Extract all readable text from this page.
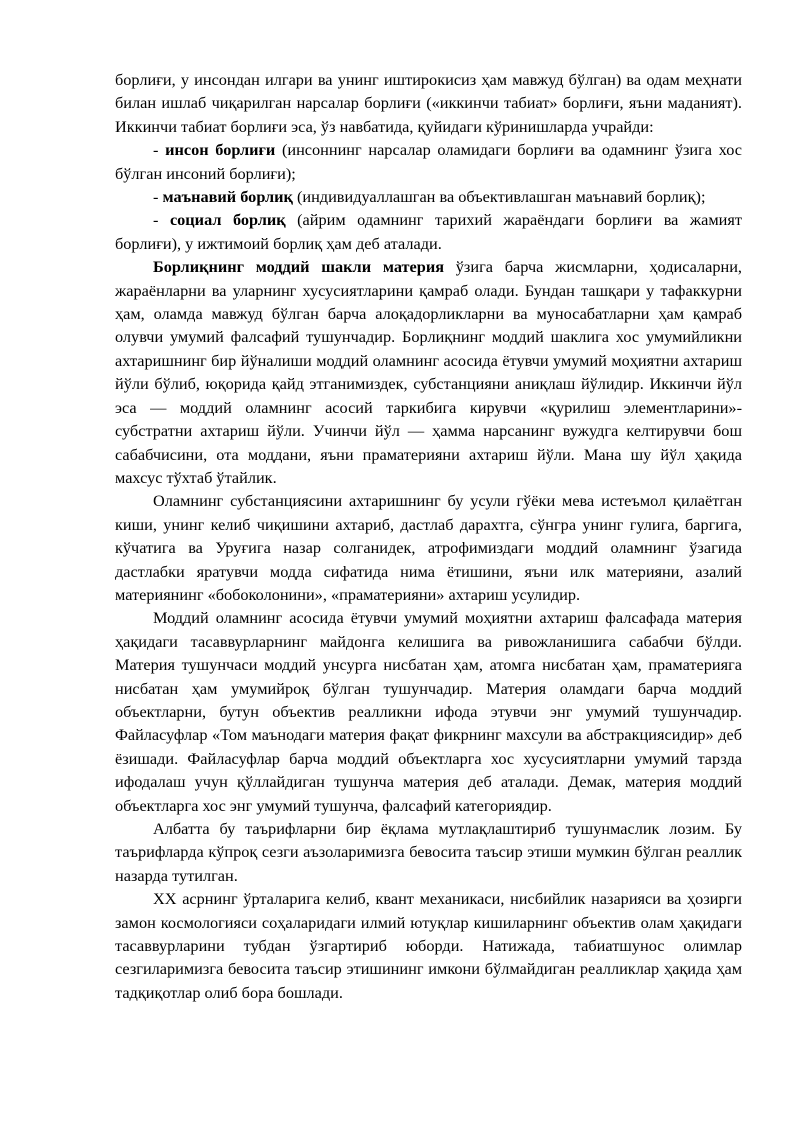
борлиғи, у инсондан илгари ва унинг иштирокисиз ҳам мавжуд бўлган) ва одам меҳнати билан ишлаб чиқарилган нарсалар борлиғи («иккинчи табиат» борлиғи, яъни маданият). Иккинчи табиат борлиғи эса, ўз навбатида, қуйидаги кўринишларда учрайди:

- инсон борлиғи (инсоннинг нарсалар оламидаги борлиғи ва одамнинг ўзига хос бўлган инсоний борлиғи);

- маънавий борлиқ (индивидуаллашган ва объективлашган маънавий борлиқ);

- социал борлиқ (айрим одамнинг тарихий жараёндаги борлиғи ва жамият борлиғи), у ижтимоий борлиқ ҳам деб аталади.

Борлиқнинг моддий шакли материя ўзига барча жисмларни, ҳодисаларни, жараёнларни ва уларнинг хусусиятларини қамраб олади. Бундан ташқари у тафаккурни ҳам, оламда мавжуд бўлган барча алоқадорликларни ва муносабатларни ҳам қамраб олувчи умумий фалсафий тушунчадир. Борлиқнинг моддий шаклига хос умумийликни ахтаришнинг бир йўналиши моддий оламнинг асосида ётувчи умумий моҳиятни ахтариш йўли бўлиб, юқорида қайд этганимиздек, субстанцияни аниқлаш йўлидир. Иккинчи йўл эса — моддий оламнинг асосий таркибига кирувчи «қурилиш элементларини»-субстратни ахтариш йўли. Учинчи йўл — ҳамма нарсанинг вужудга келтирувчи бош сабабчисини, ота моддани, яъни праматерияни ахтариш йўли. Мана шу йўл ҳақида махсус тўхтаб ўтайлик.

Оламнинг субстанциясини ахтаришнинг бу усули гўёки мева истеъмол қилаётган киши, унинг келиб чиқишини ахтариб, дастлаб дарахтга, сўнгра унинг гулига, баргига, кўчатига ва Уруғига назар солганидек, атрофимиздаги моддий оламнинг ўзагида дастлабки яратувчи модда сифатида нима ётишини, яъни илк материяни, азалий материянинг «бобоколонини», «праматерияни» ахтариш усулидир.

Моддий оламнинг асосида ётувчи умумий моҳиятни ахтариш фалсафада материя ҳақидаги тасаввурларнинг майдонга келишига ва ривожланишига сабабчи бўлди. Материя тушунчаси моддий унсурга нисбатан ҳам, атомга нисбатан ҳам, праматерияга нисбатан ҳам умумийроқ бўлган тушунчадир. Материя оламдаги барча моддий объектларни, бутун объектив реалликни ифода этувчи энг умумий тушунчадир. Файласуфлар «Том маънодаги материя фақат фикрнинг махсули ва абстракциясидир» деб ёзишади. Файласуфлар барча моддий объектларга хос хусусиятларни умумий тарзда ифодалаш учун қўллайдиган тушунча материя деб аталади. Демак, материя моддий объектларга хос энг умумий тушунча, фалсафий категориядир.

Албатта бу таърифларни бир ёқлама мутлақлаштириб тушунмаслик лозим. Бу таърифларда кўпроқ сезги аъзоларимизга бевосита таъсир этиши мумкин бўлган реаллик назарда тутилган.

XX асрнинг ўрталарига келиб, квант механикаси, нисбийлик назарияси ва ҳозирги замон космологияси соҳаларидаги илмий ютуқлар кишиларнинг объектив олам ҳақидаги тасаввурларини тубдан ўзгартириб юборди. Натижада, табиатшунос олимлар сезгиларимизга бевосита таъсир этишининг имкони бўлмайдиган реалликлар ҳақида ҳам тадқиқотлар олиб бора бошлади.
